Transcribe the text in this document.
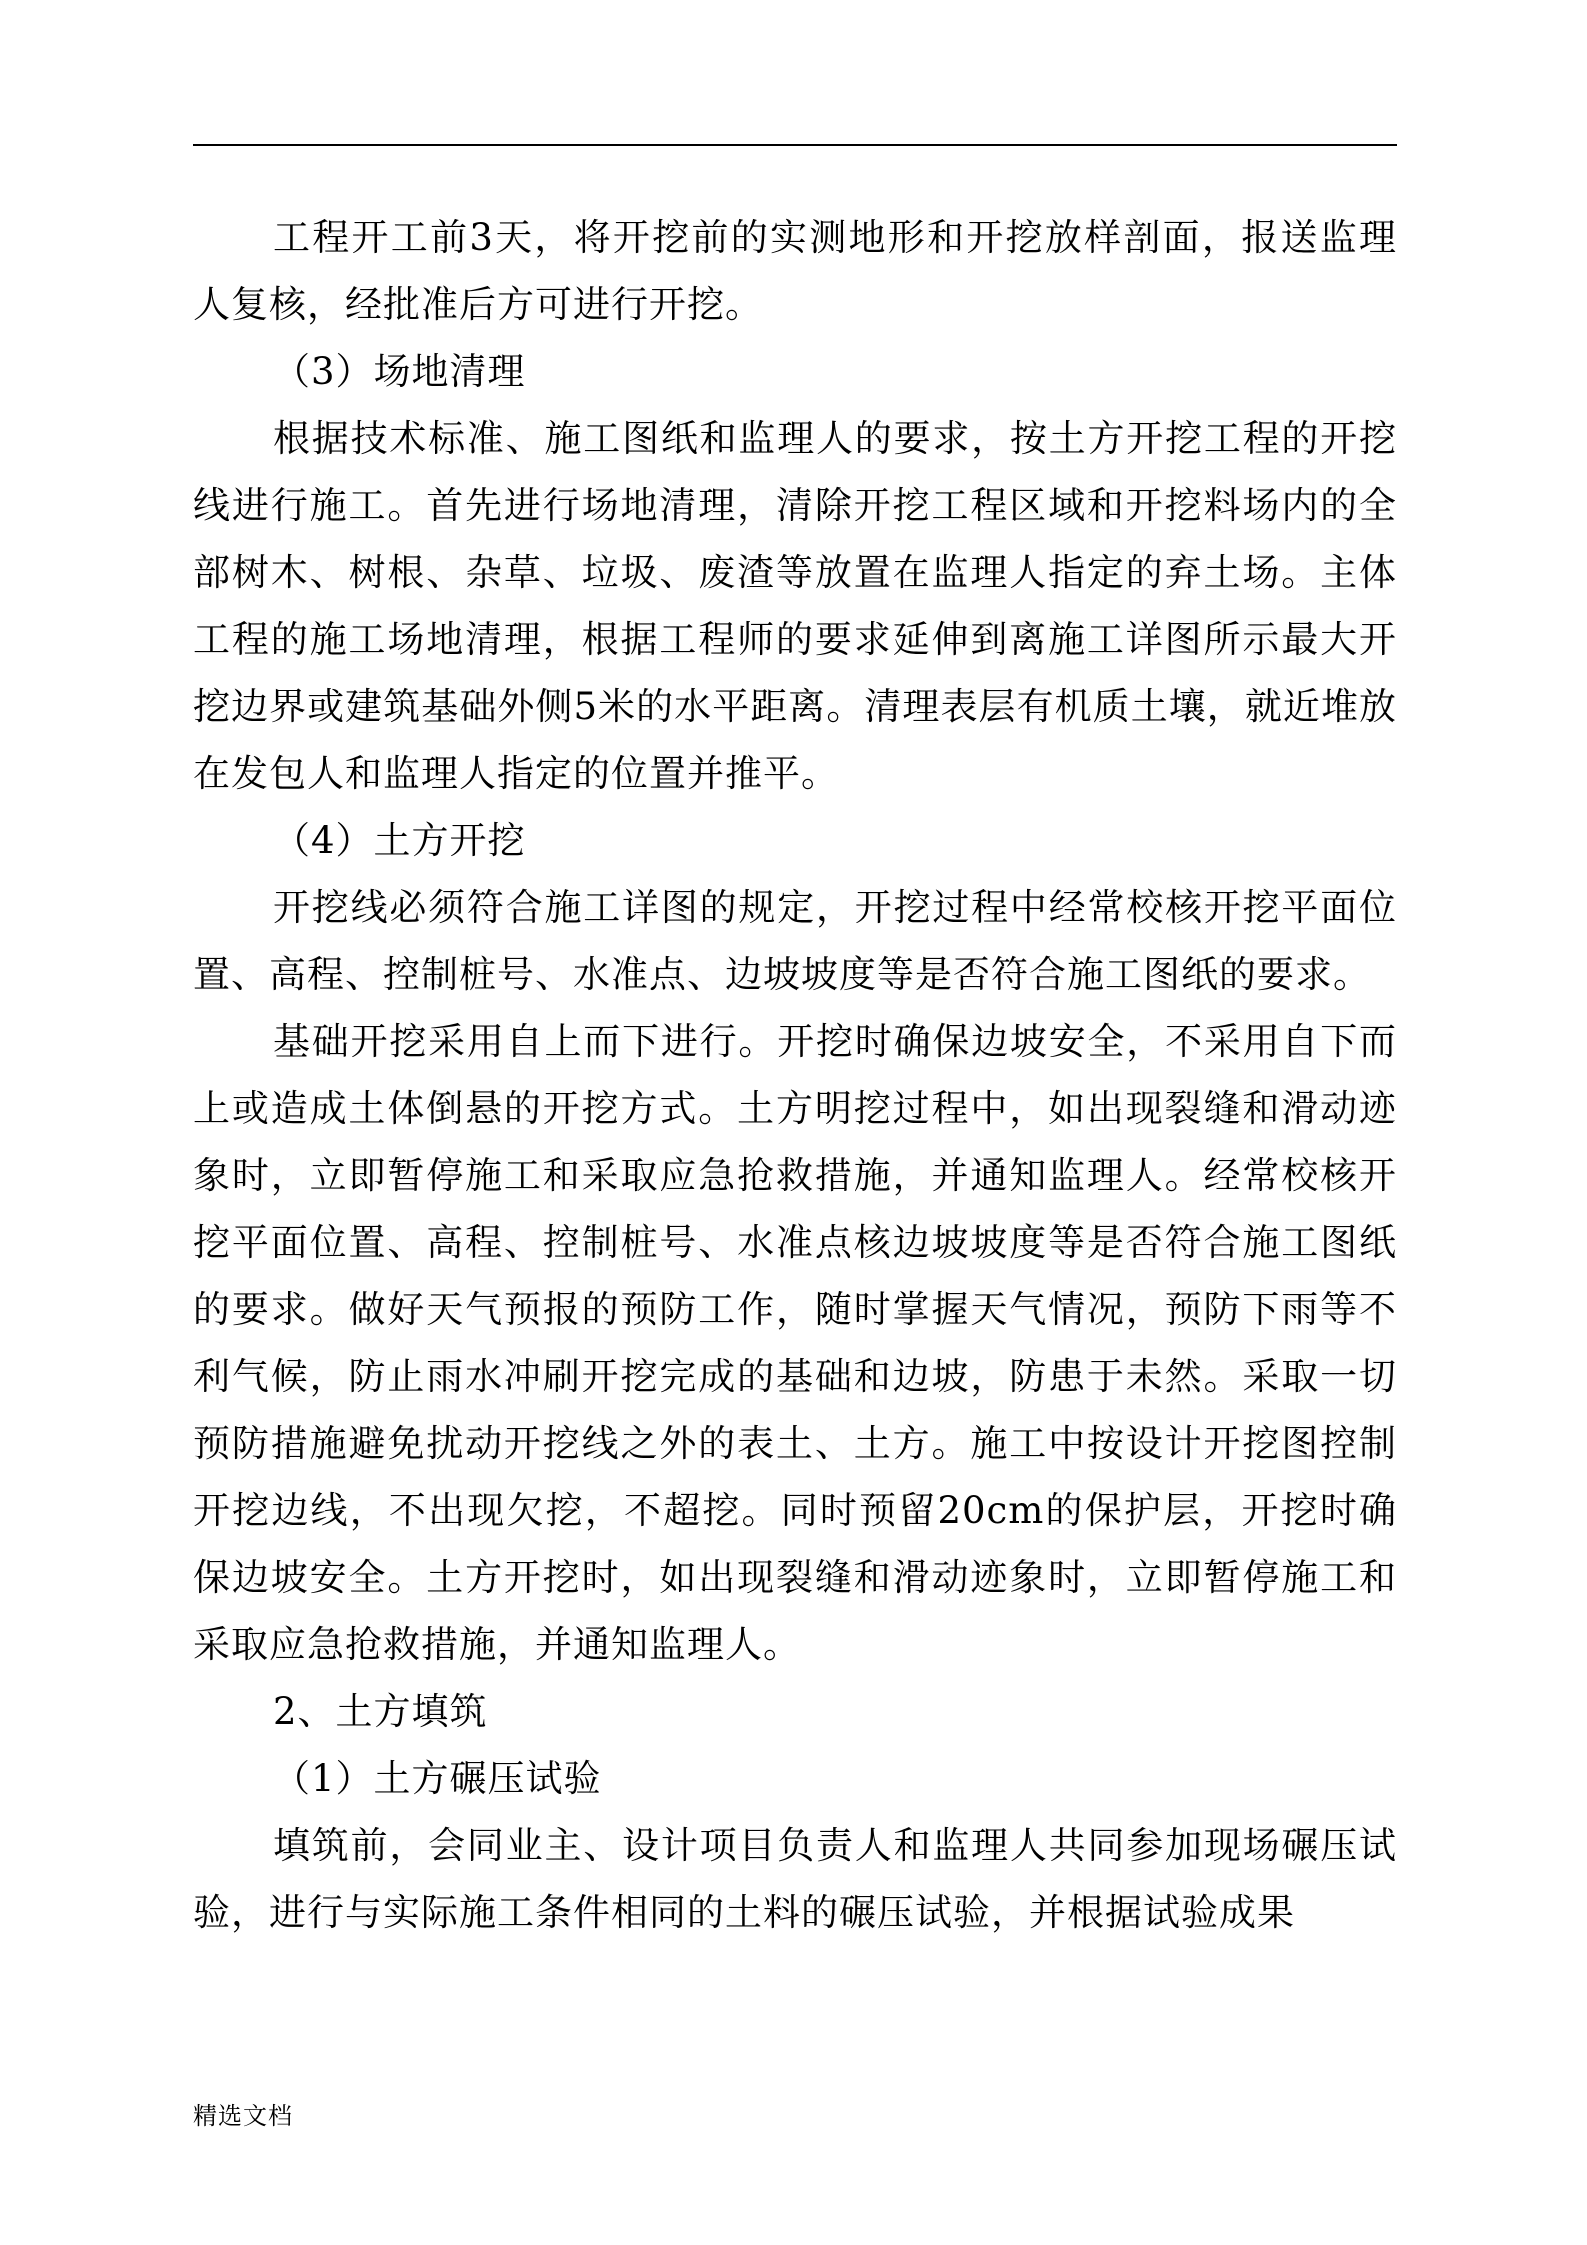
工程开工前3天，将开挖前的实测地形和开挖放样剖面，报送监理人复核，经批准后方可进行开挖。

（3）场地清理

根据技术标准、施工图纸和监理人的要求，按土方开挖工程的开挖线进行施工。首先进行场地清理，清除开挖工程区域和开挖料场内的全部树木、树根、杂草、垃圾、废渣等放置在监理人指定的弃土场。主体工程的施工场地清理，根据工程师的要求延伸到离施工详图所示最大开挖边界或建筑基础外侧5米的水平距离。清理表层有机质土壤，就近堆放在发包人和监理人指定的位置并推平。

（4）土方开挖

开挖线必须符合施工详图的规定，开挖过程中经常校核开挖平面位置、高程、控制桩号、水准点、边坡坡度等是否符合施工图纸的要求。

基础开挖采用自上而下进行。开挖时确保边坡安全，不采用自下而上或造成土体倒悬的开挖方式。土方明挖过程中，如出现裂缝和滑动迹象时，立即暂停施工和采取应急抢救措施，并通知监理人。经常校核开挖平面位置、高程、控制桩号、水准点核边坡坡度等是否符合施工图纸的要求。做好天气预报的预防工作，随时掌握天气情况，预防下雨等不利气候，防止雨水冲刷开挖完成的基础和边坡，防患于未然。采取一切预防措施避免扰动开挖线之外的表土、土方。施工中按设计开挖图控制开挖边线，不出现欠挖，不超挖。同时预留20cm的保护层，开挖时确保边坡安全。土方开挖时，如出现裂缝和滑动迹象时，立即暂停施工和采取应急抢救措施，并通知监理人。

2、土方填筑

（1）土方碾压试验

填筑前，会同业主、设计项目负责人和监理人共同参加现场碾压试验，进行与实际施工条件相同的土料的碾压试验，并根据试验成果

精选文档
